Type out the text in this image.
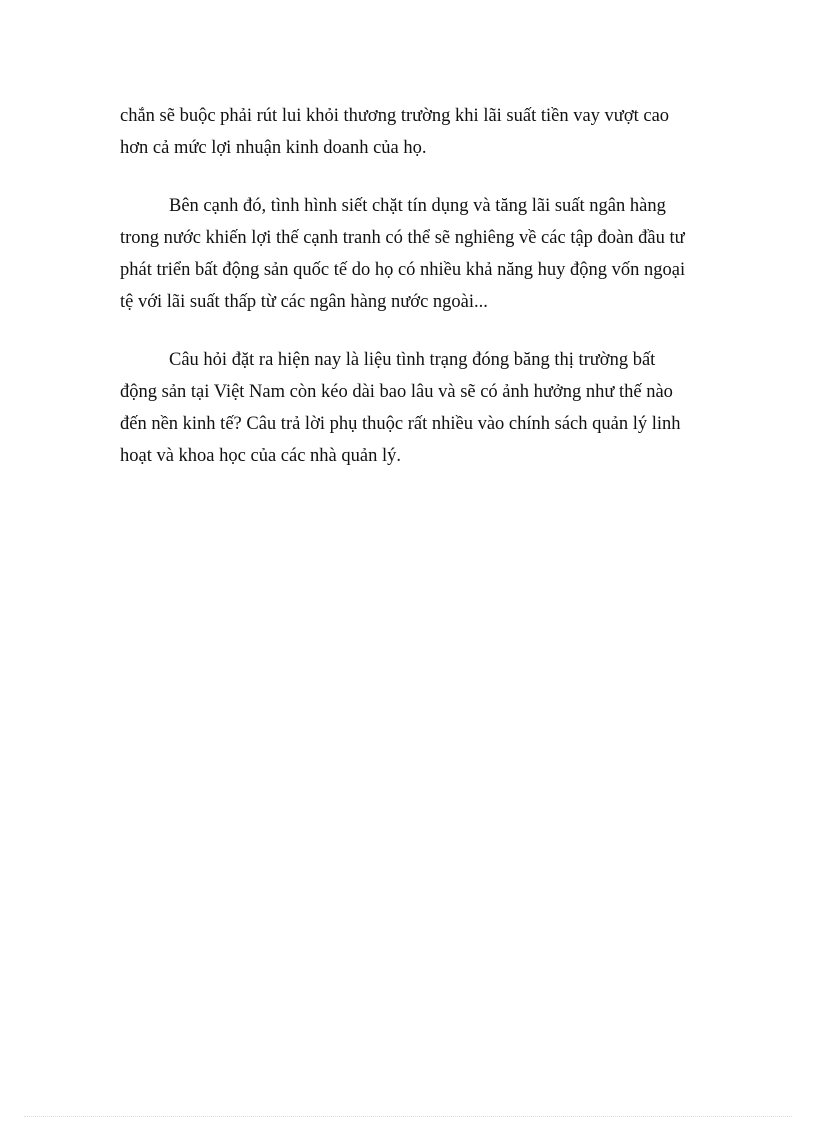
chắn sẽ buộc phải rút lui khỏi thương trường khi lãi suất tiền vay vượt cao
hơn cả mức lợi nhuận kinh doanh của họ.
Bên cạnh đó, tình hình siết chặt tín dụng và tăng lãi suất ngân hàng
trong nước khiến lợi thế cạnh tranh có thể sẽ nghiêng về các tập đoàn đầu tư
phát triển bất động sản quốc tế do họ có nhiều khả năng huy động vốn ngoại
tệ với lãi suất thấp từ các ngân hàng nước ngoài...
Câu hỏi đặt ra hiện nay là liệu tình trạng đóng băng thị trường bất
động sản tại Việt Nam còn kéo dài bao lâu và sẽ có ảnh hưởng như thế nào
đến nền kinh tế? Câu trả lời phụ thuộc rất nhiều vào chính sách quản lý linh
hoạt và khoa học của các nhà quản lý.
